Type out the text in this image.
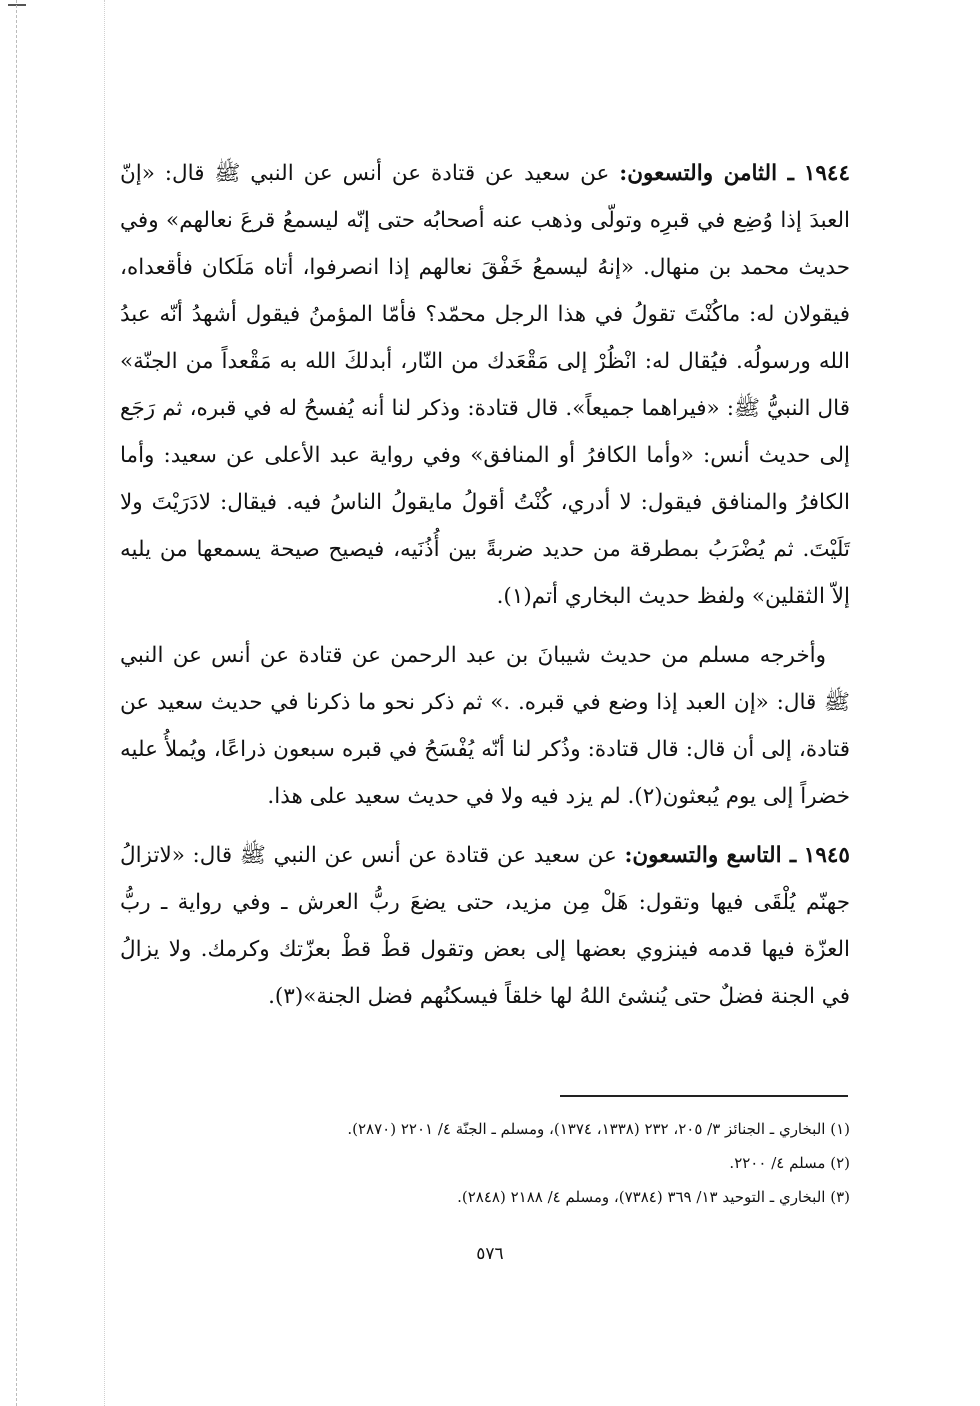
١٩٤٤ ـ الثامن والتسعون: عن سعيد عن قتادة عن أنس عن النبي ﷺ قال: «إنّ العبدَ إذا وُضِع في قبرِه وتولّى وذهب عنه أصحابُه حتى إنّه ليسمعُ قرعَ نعالهم» وفي حديث محمد بن منهال. «إنهُ ليسمعُ خَفْقَ نعالهم إذا انصرفوا، أتاه مَلَكان فأقعداه، فيقولان له: ماكُنْتَ تقولُ في هذا الرجل محمّد؟ فأمّا المؤمنُ فيقول أشهدُ أنّه عبدُ الله ورسولُه. فيُقال له: انْظُرْ إلى مَقْعَدك من النّار، أبدلكَ الله به مَقْعداً من الجنّة» قال النبيُّ ﷺ: «فيراهما جميعاً». قال قتادة: وذكر لنا أنه يُفسحُ له في قبره، ثم رَجَع إلى حديث أنس: «وأما الكافرُ أو المنافق» وفي رواية عبد الأعلى عن سعيد: وأما الكافرُ والمنافق فيقول: لا أدري، كُنْتُ أقولُ مايقولُ الناسُ فيه. فيقال: لادَرَيْتَ ولا تَلَيْتَ. ثم يُضْرَبُ بمطرقة من حديد ضربةً بين أُذُنَيه، فيصيح صيحة يسمعها من يليه إلاّ الثقلين» ولفظ حديث البخاري أتم(١).

وأخرجه مسلم من حديث شيبانَ بن عبد الرحمن عن قتادة عن أنس عن النبي ﷺ قال: «إن العبد إذا وضع في قبره. .» ثم ذكر نحو ما ذكرنا في حديث سعيد عن قتادة، إلى أن قال: قال قتادة: وذُكر لنا أنّه يُفْسَحُ في قبره سبعون ذراعًا، ويُملأُ عليه خضراً إلى يوم يُبعثون(٢). لم يزد فيه ولا في حديث سعيد على هذا.

١٩٤٥ ـ التاسع والتسعون: عن سعيد عن قتادة عن أنس عن النبي ﷺ قال: «لاتزالُ جهنّم يُلْقَى فيها وتقول: هَلْ مِن مزيد، حتى يضعَ ربُّ العرش ـ وفي رواية ـ ربُّ العزّة فيها قدمه فينزوي بعضها إلى بعض وتقول قطْ قطْ بعزّتك وكرمك. ولا يزالُ في الجنة فضلٌ حتى يُنشئ اللهُ لها خلقاً فيسكنُهم فضل الجنة»(٣).

(١) البخاري ـ الجنائز ٣/ ٢٠٥، ٢٣٢ (١٣٣٨، ١٣٧٤)، ومسلم ـ الجنّة ٤/ ٢٢٠١ (٢٨٧٠).

(٢) مسلم ٤/ ٢٢٠٠.

(٣) البخاري ـ التوحيد ١٣/ ٣٦٩ (٧٣٨٤)، ومسلم ٤/ ٢١٨٨ (٢٨٤٨).

٥٧٦
